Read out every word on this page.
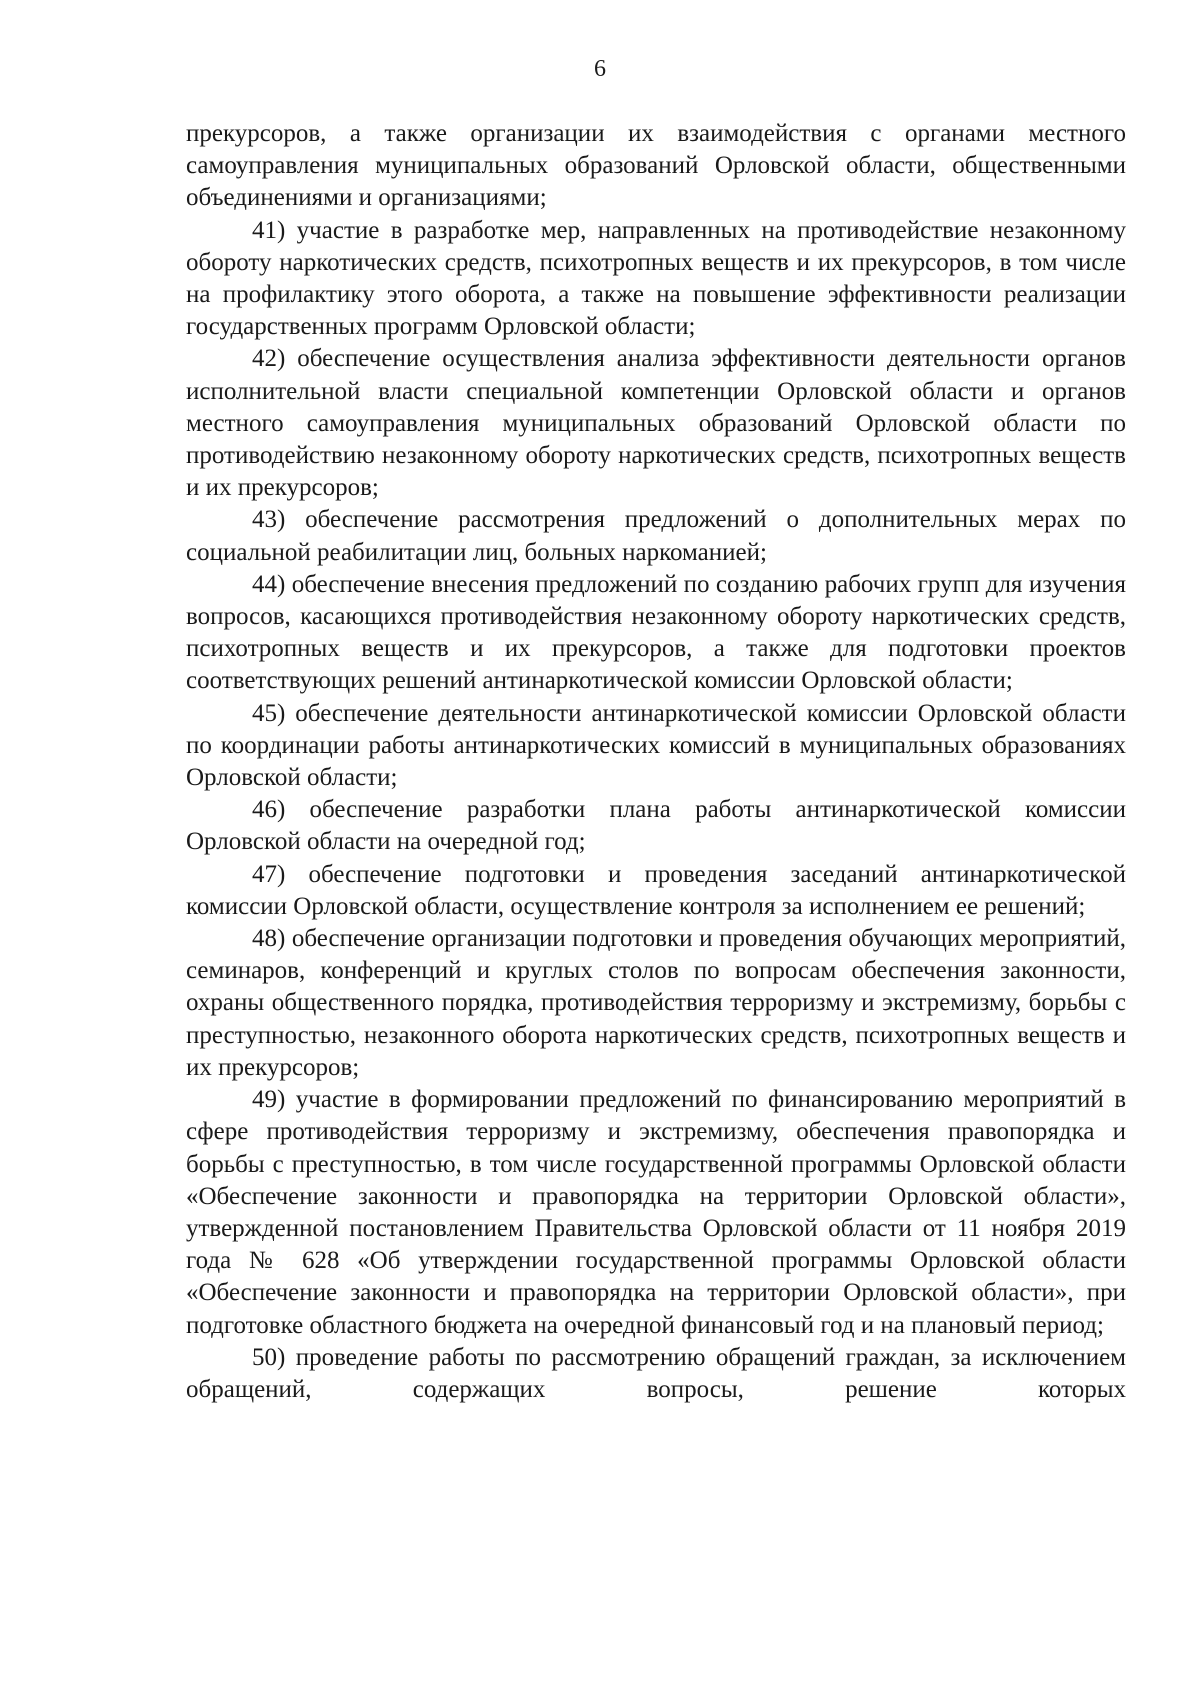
6

прекурсоров, а также организации их взаимодействия с органами местного самоуправления муниципальных образований Орловской области, общественными объединениями и организациями;

41) участие в разработке мер, направленных на противодействие незаконному обороту наркотических средств, психотропных веществ и их прекурсоров, в том числе на профилактику этого оборота, а также на повышение эффективности реализации государственных программ Орловской области;

42) обеспечение осуществления анализа эффективности деятельности органов исполнительной власти специальной компетенции Орловской области и органов местного самоуправления муниципальных образований Орловской области по противодействию незаконному обороту наркотических средств, психотропных веществ и их прекурсоров;

43) обеспечение рассмотрения предложений о дополнительных мерах по социальной реабилитации лиц, больных наркоманией;

44) обеспечение внесения предложений по созданию рабочих групп для изучения вопросов, касающихся противодействия незаконному обороту наркотических средств, психотропных веществ и их прекурсоров, а также для подготовки проектов соответствующих решений антинаркотической комиссии Орловской области;

45) обеспечение деятельности антинаркотической комиссии Орловской области по координации работы антинаркотических комиссий в муниципальных образованиях Орловской области;

46) обеспечение разработки плана работы антинаркотической комиссии Орловской области на очередной год;

47) обеспечение подготовки и проведения заседаний антинаркотической комиссии Орловской области, осуществление контроля за исполнением ее решений;

48) обеспечение организации подготовки и проведения обучающих мероприятий, семинаров, конференций и круглых столов по вопросам обеспечения законности, охраны общественного порядка, противодействия терроризму и экстремизму, борьбы с преступностью, незаконного оборота наркотических средств, психотропных веществ и их прекурсоров;

49) участие в формировании предложений по финансированию мероприятий в сфере противодействия терроризму и экстремизму, обеспечения правопорядка и борьбы с преступностью, в том числе государственной программы Орловской области «Обеспечение законности и правопорядка на территории Орловской области», утвержденной постановлением Правительства Орловской области от 11 ноября 2019 года № 628 «Об утверждении государственной программы Орловской области «Обеспечение законности и правопорядка на территории Орловской области», при подготовке областного бюджета на очередной финансовый год и на плановый период;

50) проведение работы по рассмотрению обращений граждан, за исключением обращений, содержащих вопросы, решение которых
